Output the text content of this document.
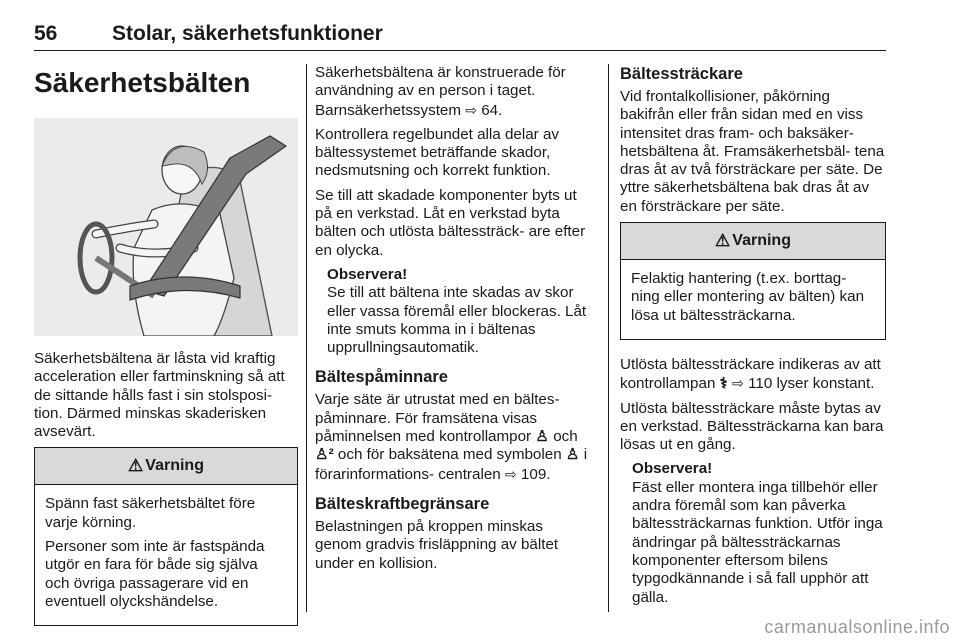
56	Stolar, säkerhetsfunktioner
Säkerhetsbälten

Säkerhetsbältena är låsta vid kraftig acceleration eller fartminskning så att de sittande hålls fast i sin stolsposi- tion. Därmed minskas skaderisken avsevärt.

⚠ Varning

Spänn fast säkerhetsbältet före varje körning.

Personer som inte är fastspända utgör en fara för både sig själva och övriga passagerare vid en eventuell olyckshändelse.

Säkerhetsbältena är konstruerade för användning av en person i taget. Barnsäkerhetssystem ⇨ 64.

Kontrollera regelbundet alla delar av bältessystemet beträffande skador, nedsmutsning och korrekt funktion.

Se till att skadade komponenter byts ut på en verkstad. Låt en verkstad byta bälten och utlösta bältessträck- are efter en olycka.

Observera!
Se till att bältena inte skadas av skor eller vassa föremål eller blockeras. Låt inte smuts komma in i bältenas upprullningsautomatik.
Bältespåminnare

Varje säte är utrustat med en bältes- påminnare. För framsätena visas påminnelsen med kontrollampor ♙ och ♙² och för baksätena med symbolen ♙ i förarinformations- centralen ⇨ 109.

Bälteskraftbegränsare

Belastningen på kroppen minskas genom gradvis frisläppning av bältet under en kollision.

Bältessträckare

Vid frontalkollisioner, påkörning bakifrån eller från sidan med en viss intensitet dras fram- och baksäker- hetsbältena åt. Framsäkerhetsbäl- tena dras åt av två försträckare per säte. De yttre säkerhetsbältena bak dras åt av en försträckare per säte.

⚠ Varning

Felaktig hantering (t.ex. borttag- ning eller montering av bälten) kan lösa ut bältessträckarna.

Utlösta bältessträckare indikeras av att kontrollampan ⚕ ⇨ 110 lyser konstant.

Utlösta bältessträckare måste bytas av en verkstad. Bältessträckarna kan bara lösas ut en gång.

Observera!
Fäst eller montera inga tillbehör eller andra föremål som kan påverka bältessträckarnas funktion. Utför inga ändringar på bältessträckarnas komponenter eftersom bilens typgodkännande i så fall upphör att gälla.
carmanualsonline.info
